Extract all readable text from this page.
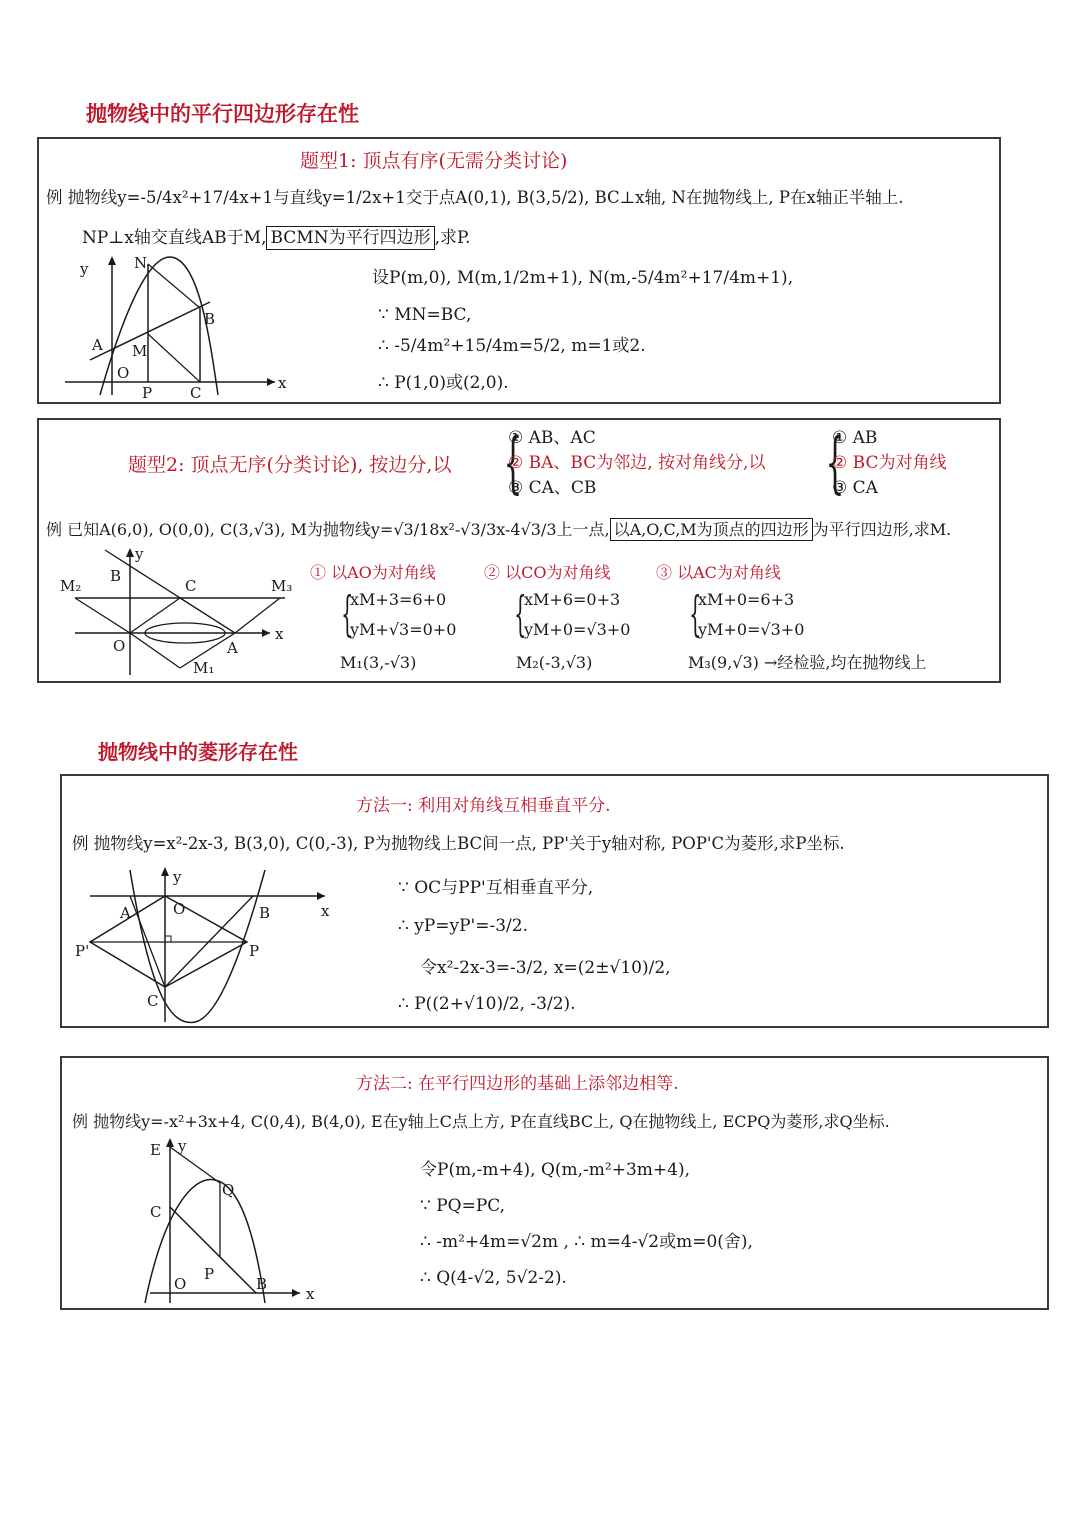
抛物线中的平行四边形存在性
题型1: 顶点有序(无需分类讨论)
例 抛物线y=-5/4x²+17/4x+1与直线y=1/2x+1交于点A(0,1), B(3,5/2), BC⊥x轴, N在抛物线上, P在x轴正半轴上.
NP⊥x轴交直线AB于M, BCMN为平行四边形 ,求P.
y	N
B
A M
O
P	C
x
设P(m,0), M(m,1/2m+1), N(m,-5/4m²+17/4m+1),
∵ MN=BC,
∴ -5/4m²+15/4m=5/2, m=1或2.
∴ P(1,0)或(2,0).
题型2: 顶点无序(分类讨论), 按边分,以 {
① AB、AC
② BA、BC为邻边, 按对角线分,以
③ CA、CB	{
① AB
② BC为对角线
③ CA
例 已知A(6,0), O(0,0), C(3,√3), M为抛物线y=√3/18x²-√3/3x-4√3/3上一点, 以A,O,C,M为顶点的四边形 为平行四边形,求M.
B
y
M₂	C	M₃
O
x
A
M₁
① 以AO为对角线
{
xM+3=6+0
yM+√3=0+0
M₁(3,-√3)
② 以CO为对角线
{
xM+6=0+3
yM+0=√3+0
M₂(-3,√3)
③ 以AC为对角线
{
xM+0=6+3
yM+0=√3+0
M₃(9,√3) →经检验,均在抛物线上
抛物线中的菱形存在性
方法一: 利用对角线互相垂直平分.
例 抛物线y=x²-2x-3, B(3,0), C(0,-3), P为抛物线上BC间一点, PP'关于y轴对称, POP'C为菱形,求P坐标.
y
A	O	B	x
P'	P
C
∵ OC与PP'互相垂直平分,
∴ yP=yP'=-3/2.
令x²-2x-3=-3/2, x=(2±√10)/2,
∴ P((2+√10)/2, -3/2).
方法二: 在平行四边形的基础上添邻边相等.
例 抛物线y=-x²+3x+4, C(0,4), B(4,0), E在y轴上C点上方, P在直线BC上, Q在抛物线上, ECPQ为菱形,求Q坐标.
E y
Q
C
P
O	B
x
令P(m,-m+4), Q(m,-m²+3m+4),
∵ PQ=PC,
∴ -m²+4m=√2m , ∴ m=4-√2或m=0(舍),
∴ Q(4-√2, 5√2-2).
